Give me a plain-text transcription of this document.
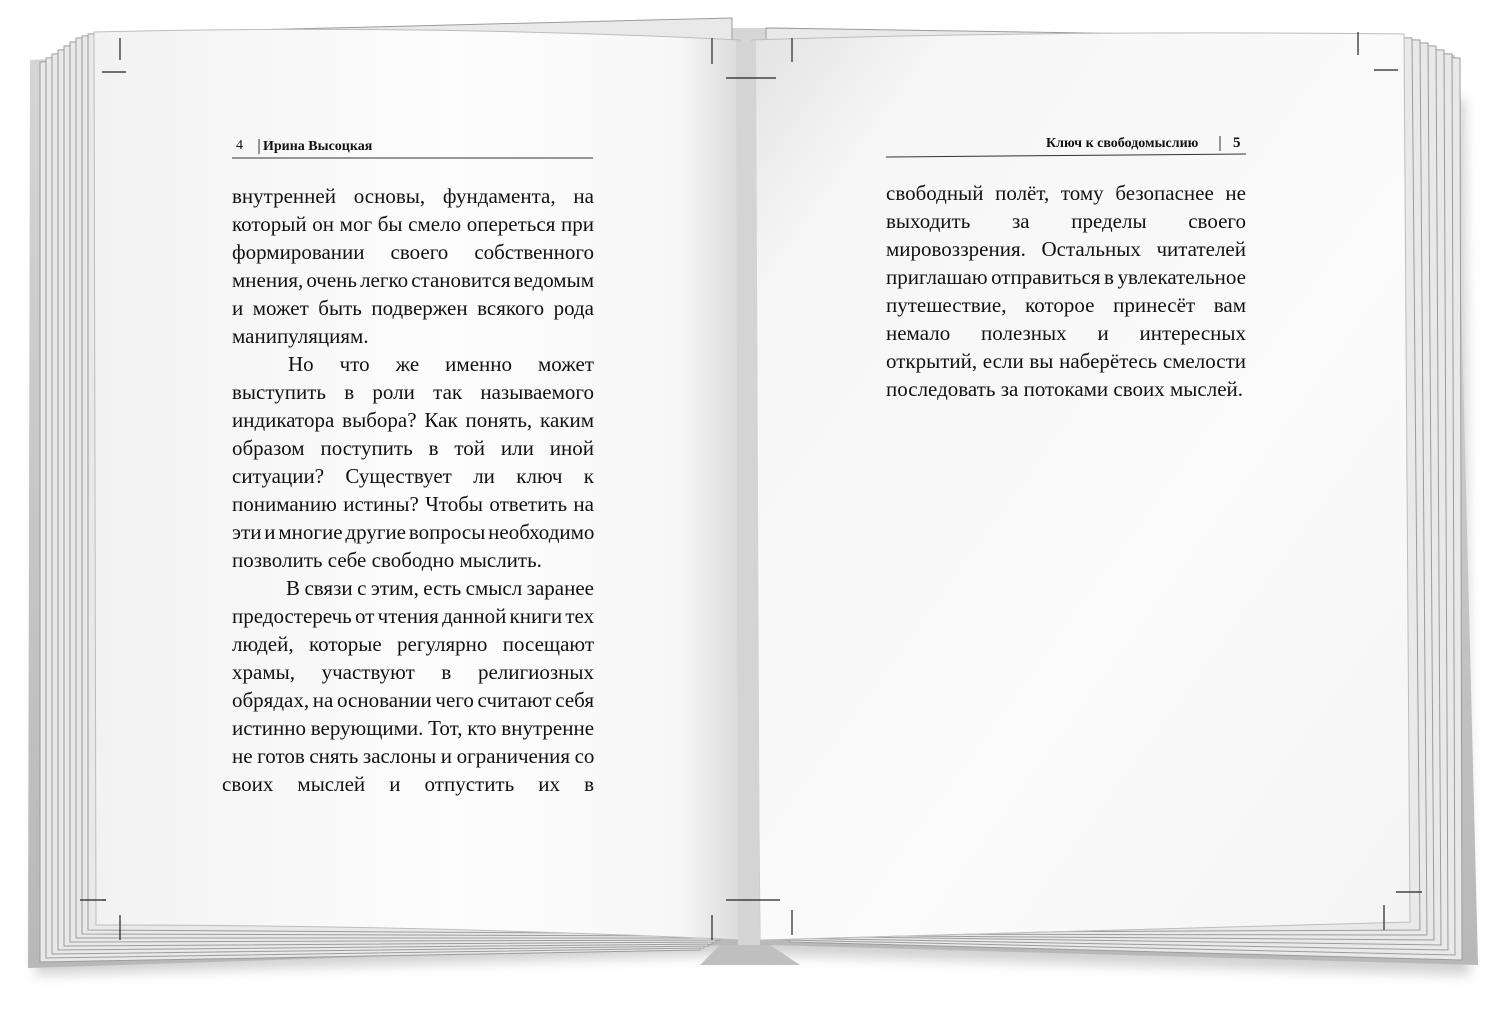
4 Ирина Высоцкая	Ключ к свободомыслию 5
внутренней основы, фундамента, на
который он мог бы смело опереться при
формировании своего собственного
мнения, очень легко становится ведомым
и может быть подвержен всякого рода
манипуляциям.
Но что же именно может
выступить в роли так называемого
индикатора выбора? Как понять, каким
образом поступить в той или иной
ситуации? Существует ли ключ к
пониманию истины? Чтобы ответить на
эти и многие другие вопросы необходимо
позволить себе свободно мыслить.
В связи с этим, есть смысл заранее
предостеречь от чтения данной книги тех
людей, которые регулярно посещают
храмы, участвуют в религиозных
обрядах, на основании чего считают себя
истинно верующими. Тот, кто внутренне
не готов снять заслоны и ограничения со
своих мыслей и отпустить их в
свободный полёт, тому безопаснее не
выходить за пределы своего
мировоззрения. Остальных читателей
приглашаю отправиться в увлекательное
путешествие, которое принесёт вам
немало полезных и интересных
открытий, если вы наберётесь смелости
последовать за потоками своих мыслей.
